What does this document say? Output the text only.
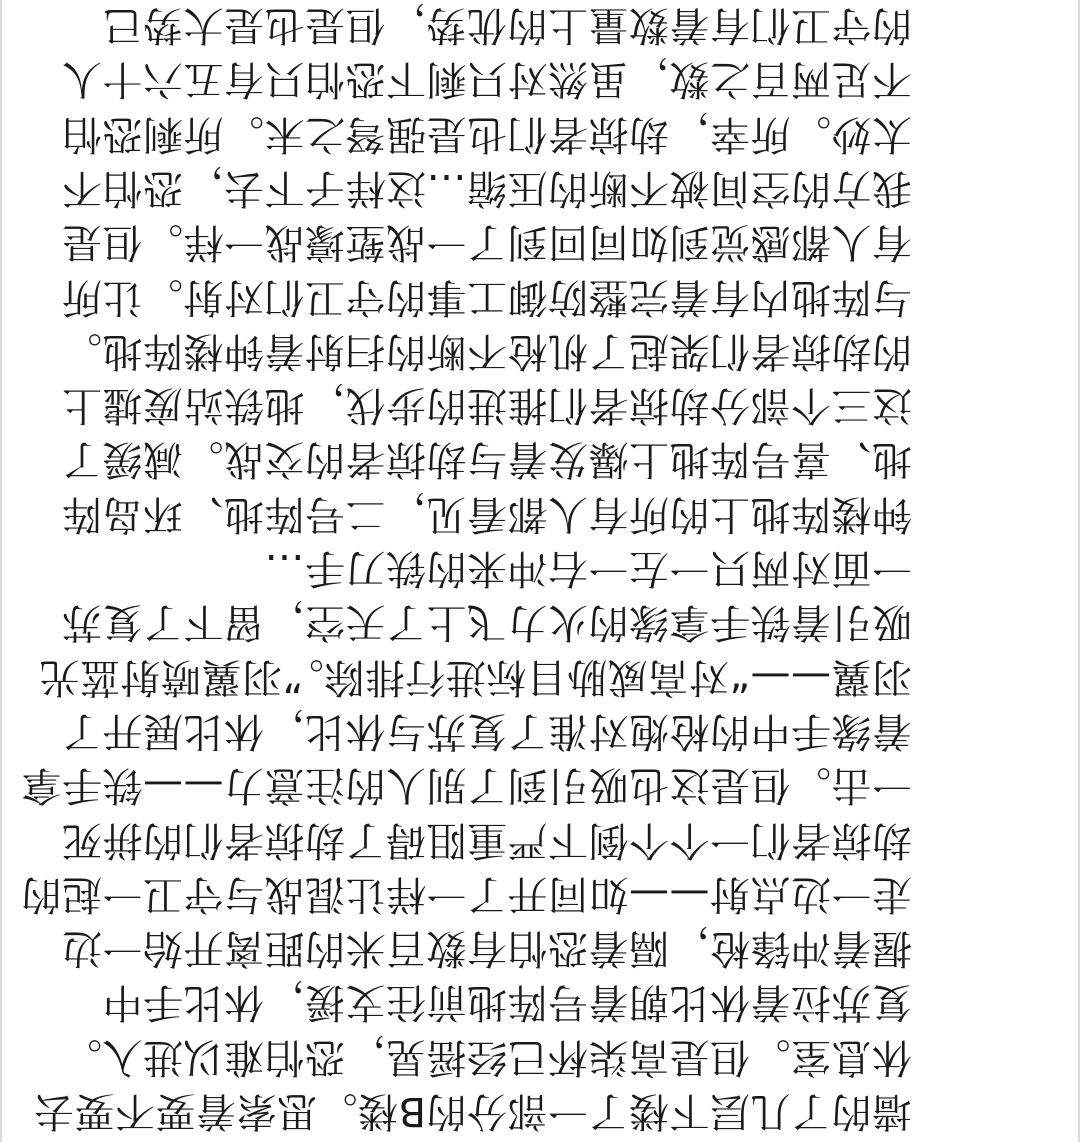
墙的了几层下楼了一部分的B楼。思索着要不要去
休息室。但是高柒杯已经摇晃，恐怕难以进入。
复苏拉着休比朝着号阵地前往支援，休比手中
握着冲锋枪，隔着恐怕有数百米的距离开始一边
走一边点射——如同开了一样让混战与守卫一起的
劫掠者们一个个倒下严重阻碍了劫掠者们的拼死
一击。但是这也吸引到了别人的注意力——铁手拿
着缘手中的枪炮对准了复苏与休比，休比展开了
羽翼——“对高威胁目标进行排除。”羽翼喷射蓝光
吸引着铁手拿缘的火力飞上了天空，留下了复苏
一面对两只一左一右冲来的铁刀手…
钟楼阵地上的所有人都看见，二号阵地、环岛阵
地、喜号阵地上爆发着与劫掠者的交战。减缓了
这三个部分劫掠者们推进的步伐，地铁站废墟上
的劫掠者们架起了机枪不断的扫射着钟楼阵地。
与阵地内有着完整防御工事的守卫们对射。让所
有人都感觉到如同回到了一战堑壕战一样。但是
我方的空间被不断的压缩…这样子下去，恐怕不
太妙。所幸，劫掠者们也是强弩之末。所剩恐怕
不足两百之数，虽然对只剩下恐怕只有五六十人
的守卫们有着数量上的优势，但是也是大势已
